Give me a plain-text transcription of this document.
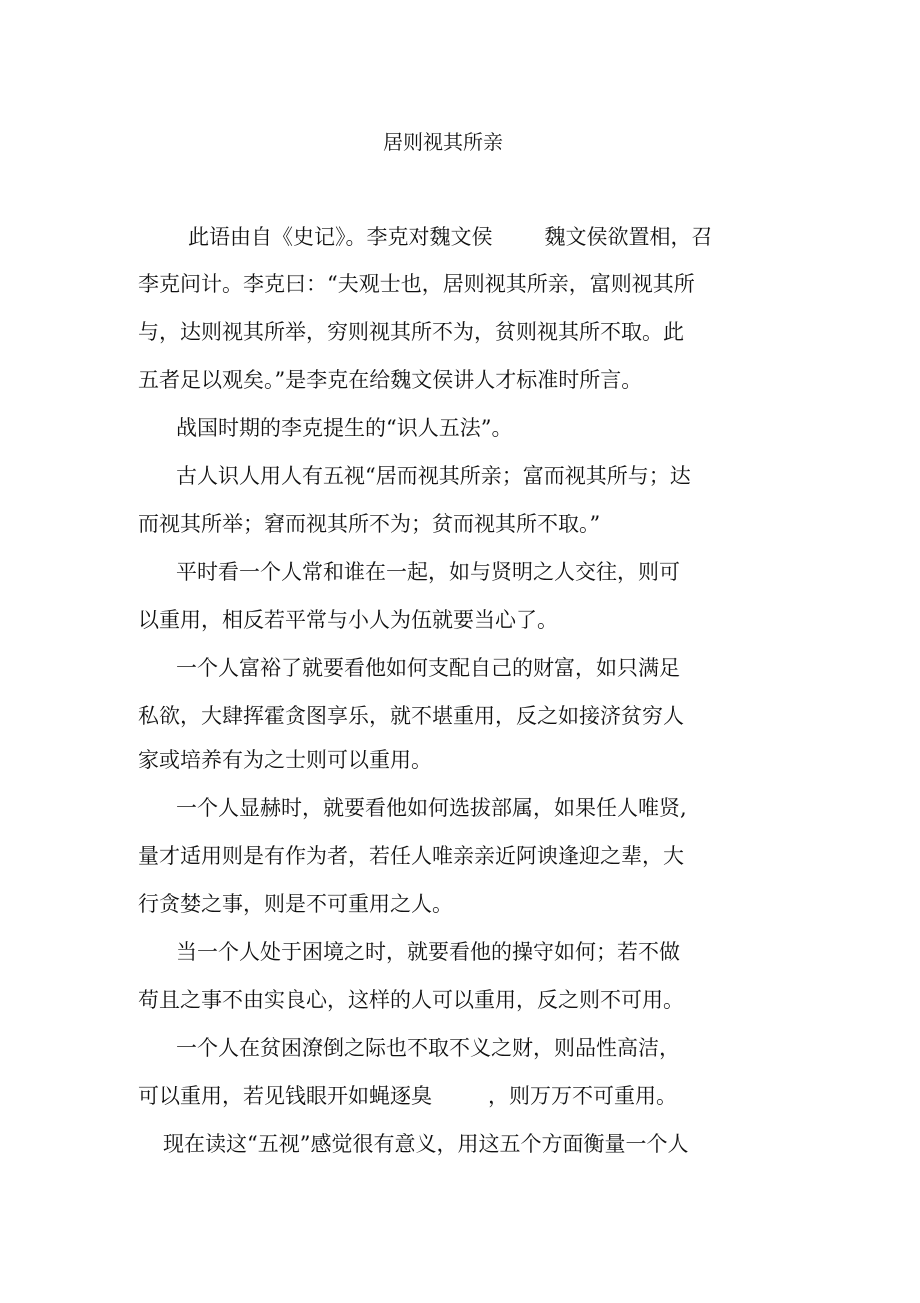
居则视其所亲

此语由自《史记》。李克对魏文侯 魏文侯欲置相，召

李克问计。李克曰：“夫观士也，居则视其所亲，富则视其所

与，达则视其所举，穷则视其所不为，贫则视其所不取。此

五者足以观矣。”是李克在给魏文侯讲人才标准时所言。

战国时期的李克提生的“识人五法”。

古人识人用人有五视“居而视其所亲；富而视其所与；达

而视其所举；窘而视其所不为；贫而视其所不取。”

平时看一个人常和谁在一起，如与贤明之人交往，则可

以重用，相反若平常与小人为伍就要当心了。

一个人富裕了就要看他如何支配自己的财富，如只满足

私欲，大肆挥霍贪图享乐，就不堪重用，反之如接济贫穷人

家或培养有为之士则可以重用。

一个人显赫时，就要看他如何选拔部属，如果任人唯贤,

量才适用则是有作为者，若任人唯亲亲近阿谀逢迎之辈，大

行贪婪之事，则是不可重用之人。

当一个人处于困境之时，就要看他的操守如何；若不做

苟且之事不由实良心，这样的人可以重用，反之则不可用。

一个人在贫困潦倒之际也不取不义之财，则品性高洁，

可以重用，若见钱眼开如蝇逐臭	，则万万不可重用。

现在读这“五视”感觉很有意义，用这五个方面衡量一个人
